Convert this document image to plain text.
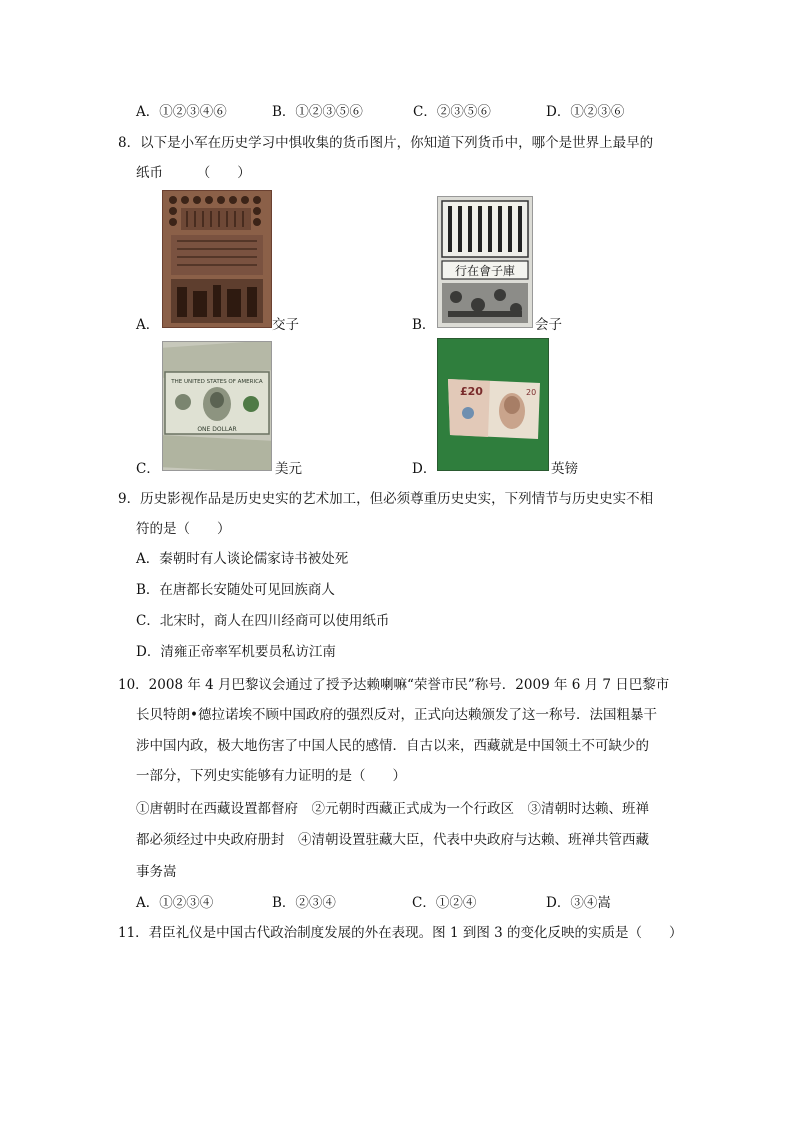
A．①②③④⑥	B．①②③⑤⑥	C．②③⑤⑥	D．①②③⑥
8．以下是小军在历史学习中惧收集的货币图片，你知道下列货币中，哪个是世界上最早的
纸币　　　（　　）
A．	交子
行在會子庫
B．	会子
THE UNITED STATES OF AMERICA
ONE DOLLAR
C．	美元
£20	20
D．	英镑
9．历史影视作品是历史史实的艺术加工，但必须尊重历史史实，下列情节与历史史实不相
符的是（　　）
A．秦朝时有人谈论儒家诗书被处死
B．在唐都长安随处可见回族商人
C．北宋时，商人在四川经商可以使用纸币
D．清雍正帝率军机要员私访江南
10．2008 年 4 月巴黎议会通过了授予达赖喇嘛“荣誉市民”称号．2009 年 6 月 7 日巴黎市
长贝特朗•德拉诺埃不顾中国政府的强烈反对，正式向达赖颁发了这一称号．法国粗暴干
涉中国内政，极大地伤害了中国人民的感情．自古以来，西藏就是中国领土不可缺少的
一部分，下列史实能够有力证明的是（　　）
①唐朝时在西藏设置都督府　②元朝时西藏正式成为一个行政区　③清朝时达赖、班禅
都必须经过中央政府册封　④清朝设置驻藏大臣，代表中央政府与达赖、班禅共管西藏
事务嵩
A．①②③④	B．②③④	C．①②④	D．③④嵩
11．君臣礼仪是中国古代政治制度发展的外在表现。图 1 到图 3 的变化反映的实质是（　　）
